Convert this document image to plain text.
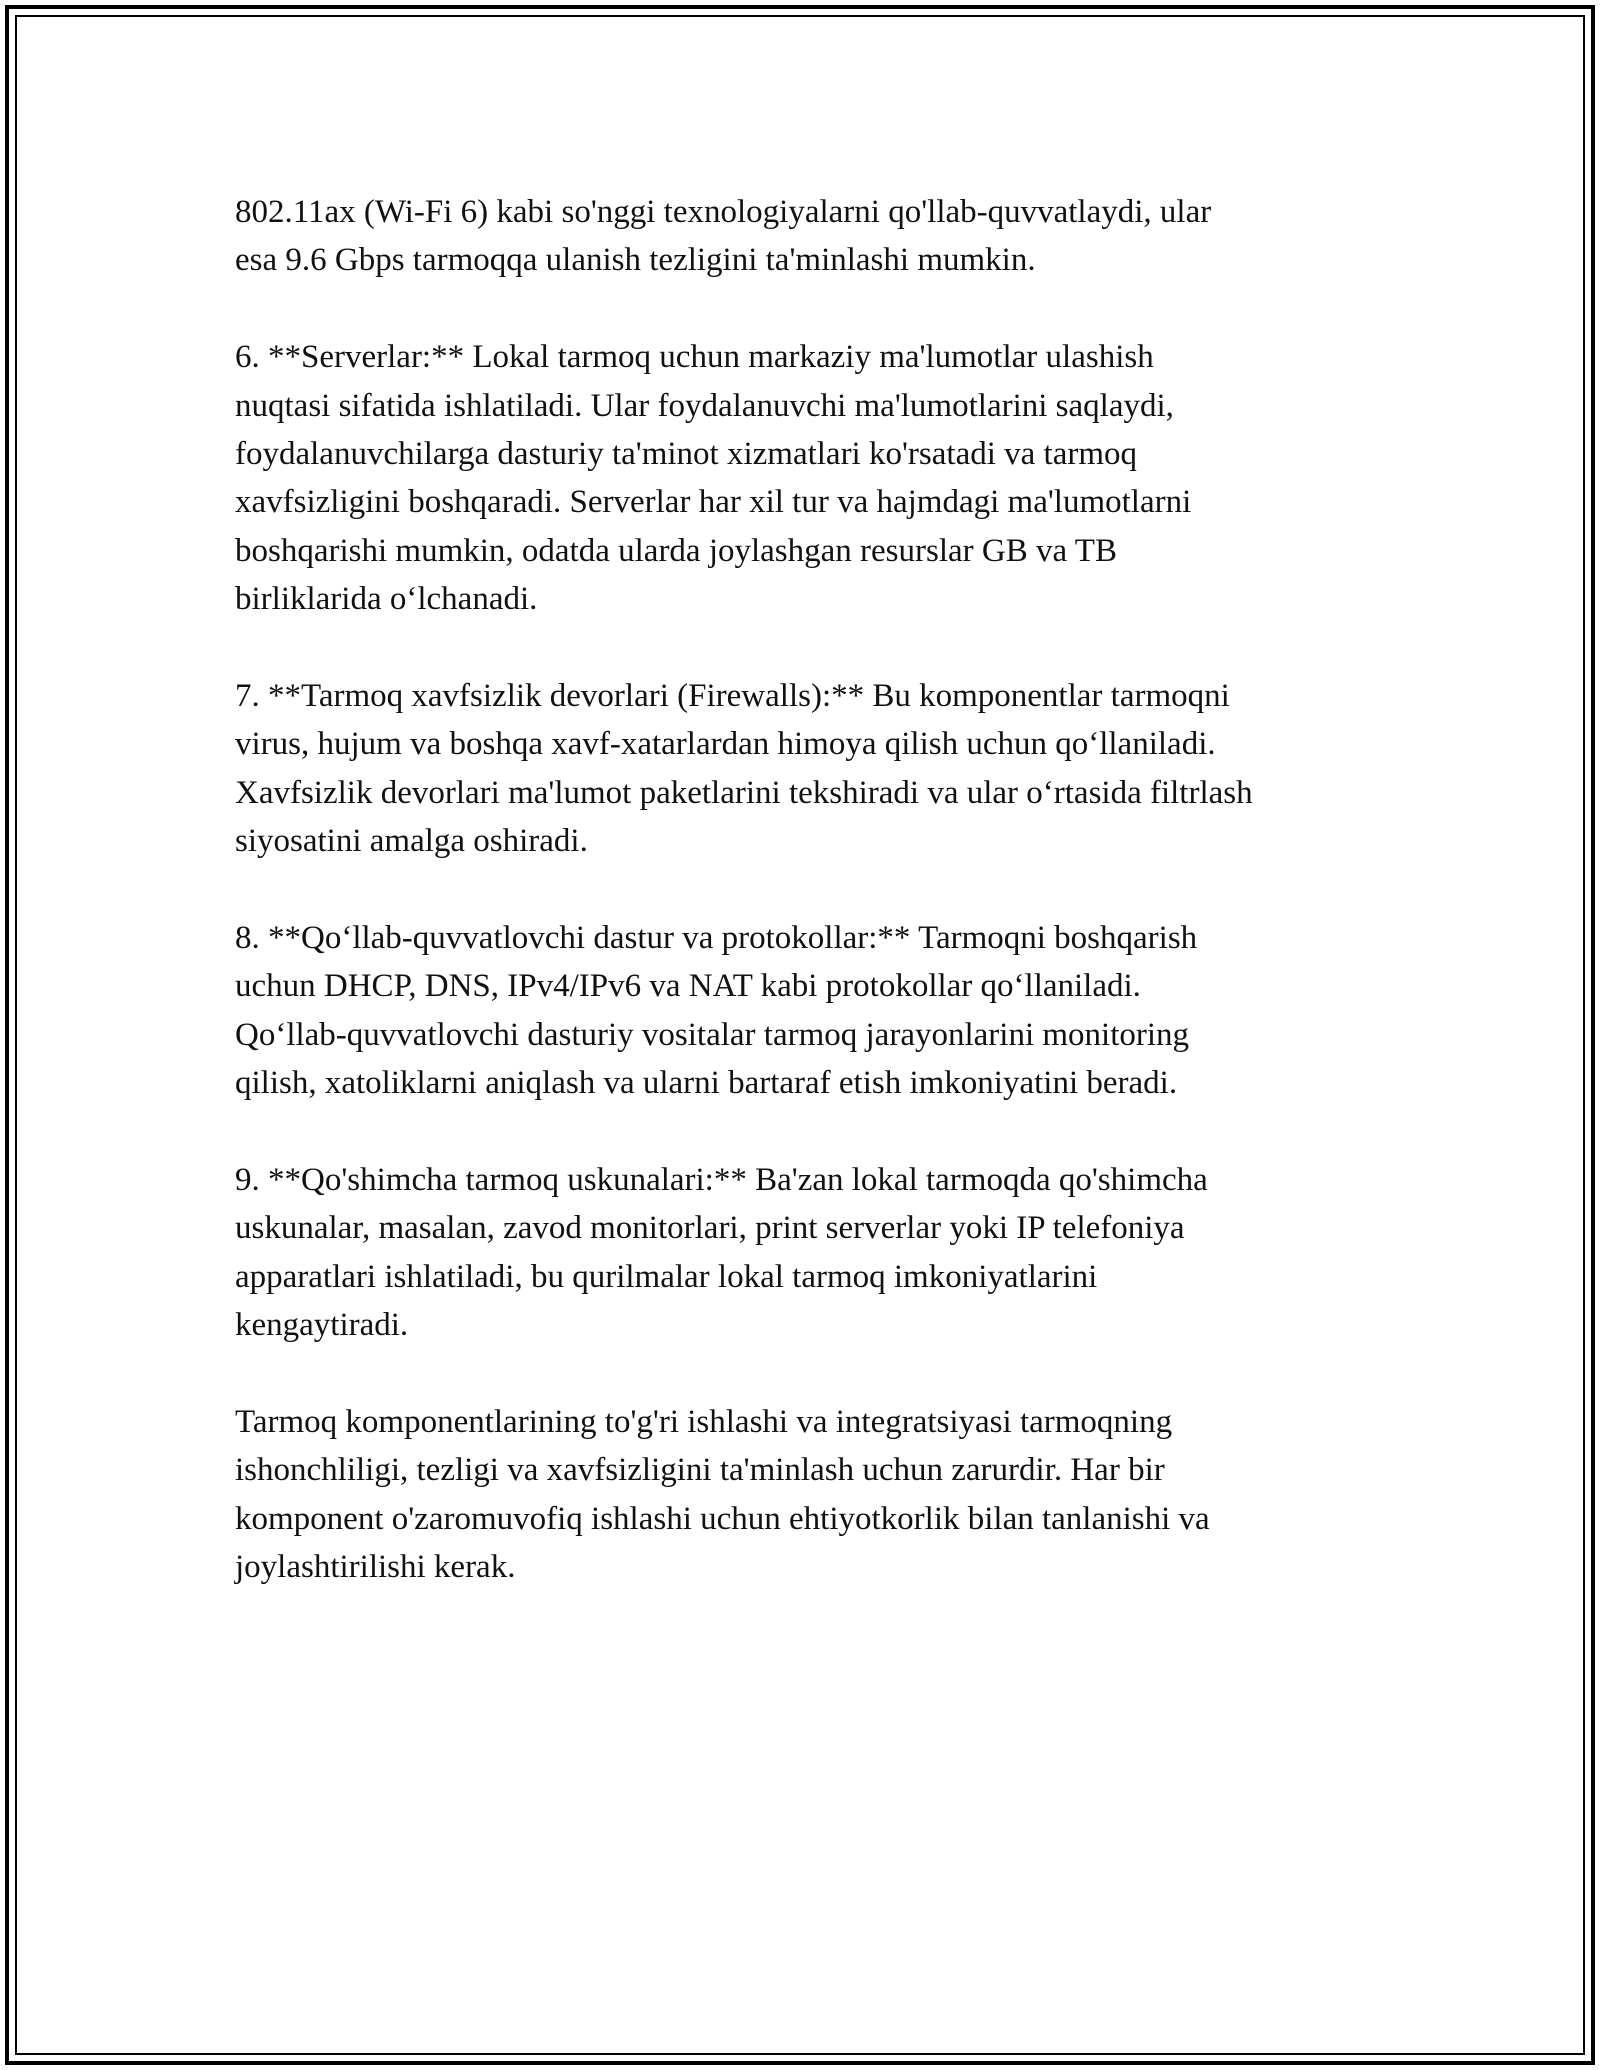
802.11ax (Wi-Fi 6) kabi so'nggi texnologiyalarni qo'llab-quvvatlaydi, ular
esa 9.6 Gbps tarmoqqa ulanish tezligini ta'minlashi mumkin.

6. **Serverlar:** Lokal tarmoq uchun markaziy ma'lumotlar ulashish
nuqtasi sifatida ishlatiladi. Ular foydalanuvchi ma'lumotlarini saqlaydi,
foydalanuvchilarga dasturiy ta'minot xizmatlari ko'rsatadi va tarmoq
xavfsizligini boshqaradi. Serverlar har xil tur va hajmdagi ma'lumotlarni
boshqarishi mumkin, odatda ularda joylashgan resurslar GB va TB
birliklarida o‘lchanadi.

7. **Tarmoq xavfsizlik devorlari (Firewalls):** Bu komponentlar tarmoqni
virus, hujum va boshqa xavf-xatarlardan himoya qilish uchun qo‘llaniladi.
Xavfsizlik devorlari ma'lumot paketlarini tekshiradi va ular o‘rtasida filtrlash
siyosatini amalga oshiradi.

8. **Qo‘llab-quvvatlovchi dastur va protokollar:** Tarmoqni boshqarish
uchun DHCP, DNS, IPv4/IPv6 va NAT kabi protokollar qo‘llaniladi.
Qo‘llab-quvvatlovchi dasturiy vositalar tarmoq jarayonlarini monitoring
qilish, xatoliklarni aniqlash va ularni bartaraf etish imkoniyatini beradi.

9. **Qo'shimcha tarmoq uskunalari:** Ba'zan lokal tarmoqda qo'shimcha
uskunalar, masalan, zavod monitorlari, print serverlar yoki IP telefoniya
apparatlari ishlatiladi, bu qurilmalar lokal tarmoq imkoniyatlarini
kengaytiradi.

Tarmoq komponentlarining to'g'ri ishlashi va integratsiyasi tarmoqning
ishonchliligi, tezligi va xavfsizligini ta'minlash uchun zarurdir. Har bir
komponent o'zaromuvofiq ishlashi uchun ehtiyotkorlik bilan tanlanishi va
joylashtirilishi kerak.
